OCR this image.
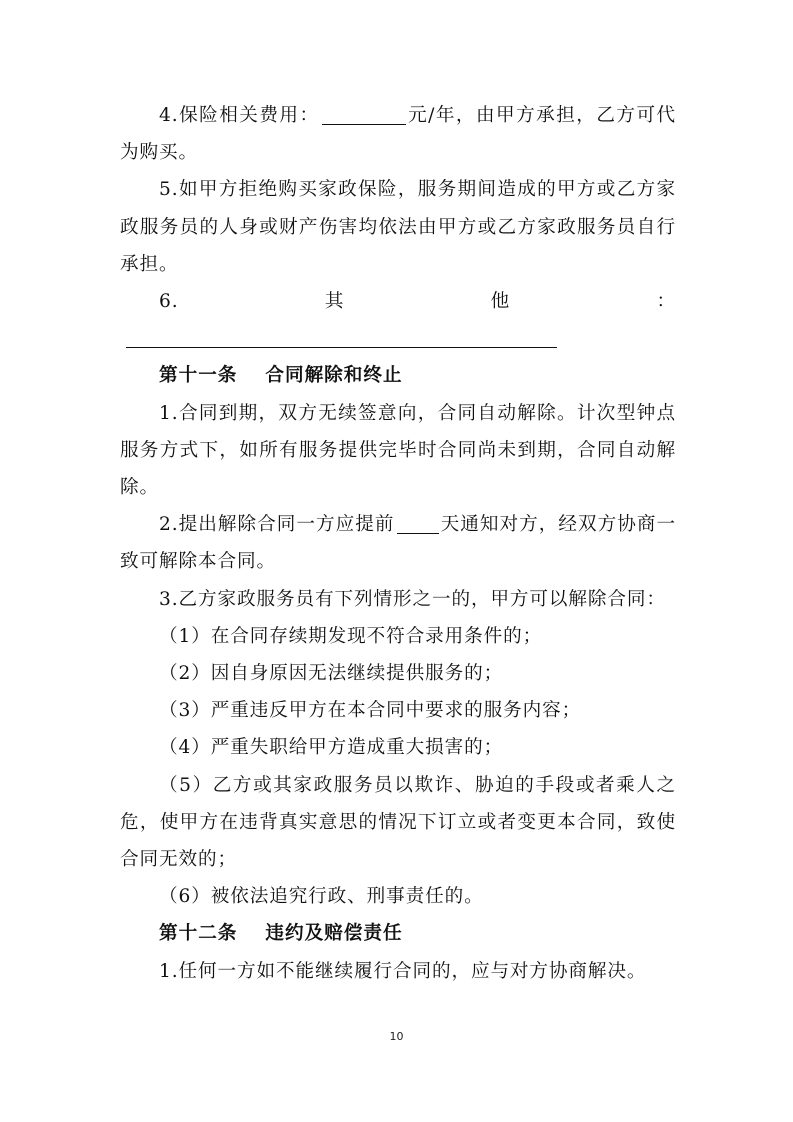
4.保险相关费用：	元/年，由甲方承担，乙方可代为购买。

5.如甲方拒绝购买家政保险，服务期间造成的甲方或乙方家政服务员的人身或财产伤害均依法由甲方或乙方家政服务员自行承担。

6.其他：

第十一条 合同解除和终止

1.合同到期，双方无续签意向，合同自动解除。计次型钟点服务方式下，如所有服务提供完毕时合同尚未到期，合同自动解除。

2.提出解除合同一方应提前 天通知对方，经双方协商一致可解除本合同。

3.乙方家政服务员有下列情形之一的，甲方可以解除合同：

（1）在合同存续期发现不符合录用条件的；

（2）因自身原因无法继续提供服务的；

（3）严重违反甲方在本合同中要求的服务内容；

（4）严重失职给甲方造成重大损害的；

（5）乙方或其家政服务员以欺诈、胁迫的手段或者乘人之危，使甲方在违背真实意思的情况下订立或者变更本合同，致使合同无效的；

（6）被依法追究行政、刑事责任的。

第十二条 违约及赔偿责任

1.任何一方如不能继续履行合同的，应与对方协商解决。

10
